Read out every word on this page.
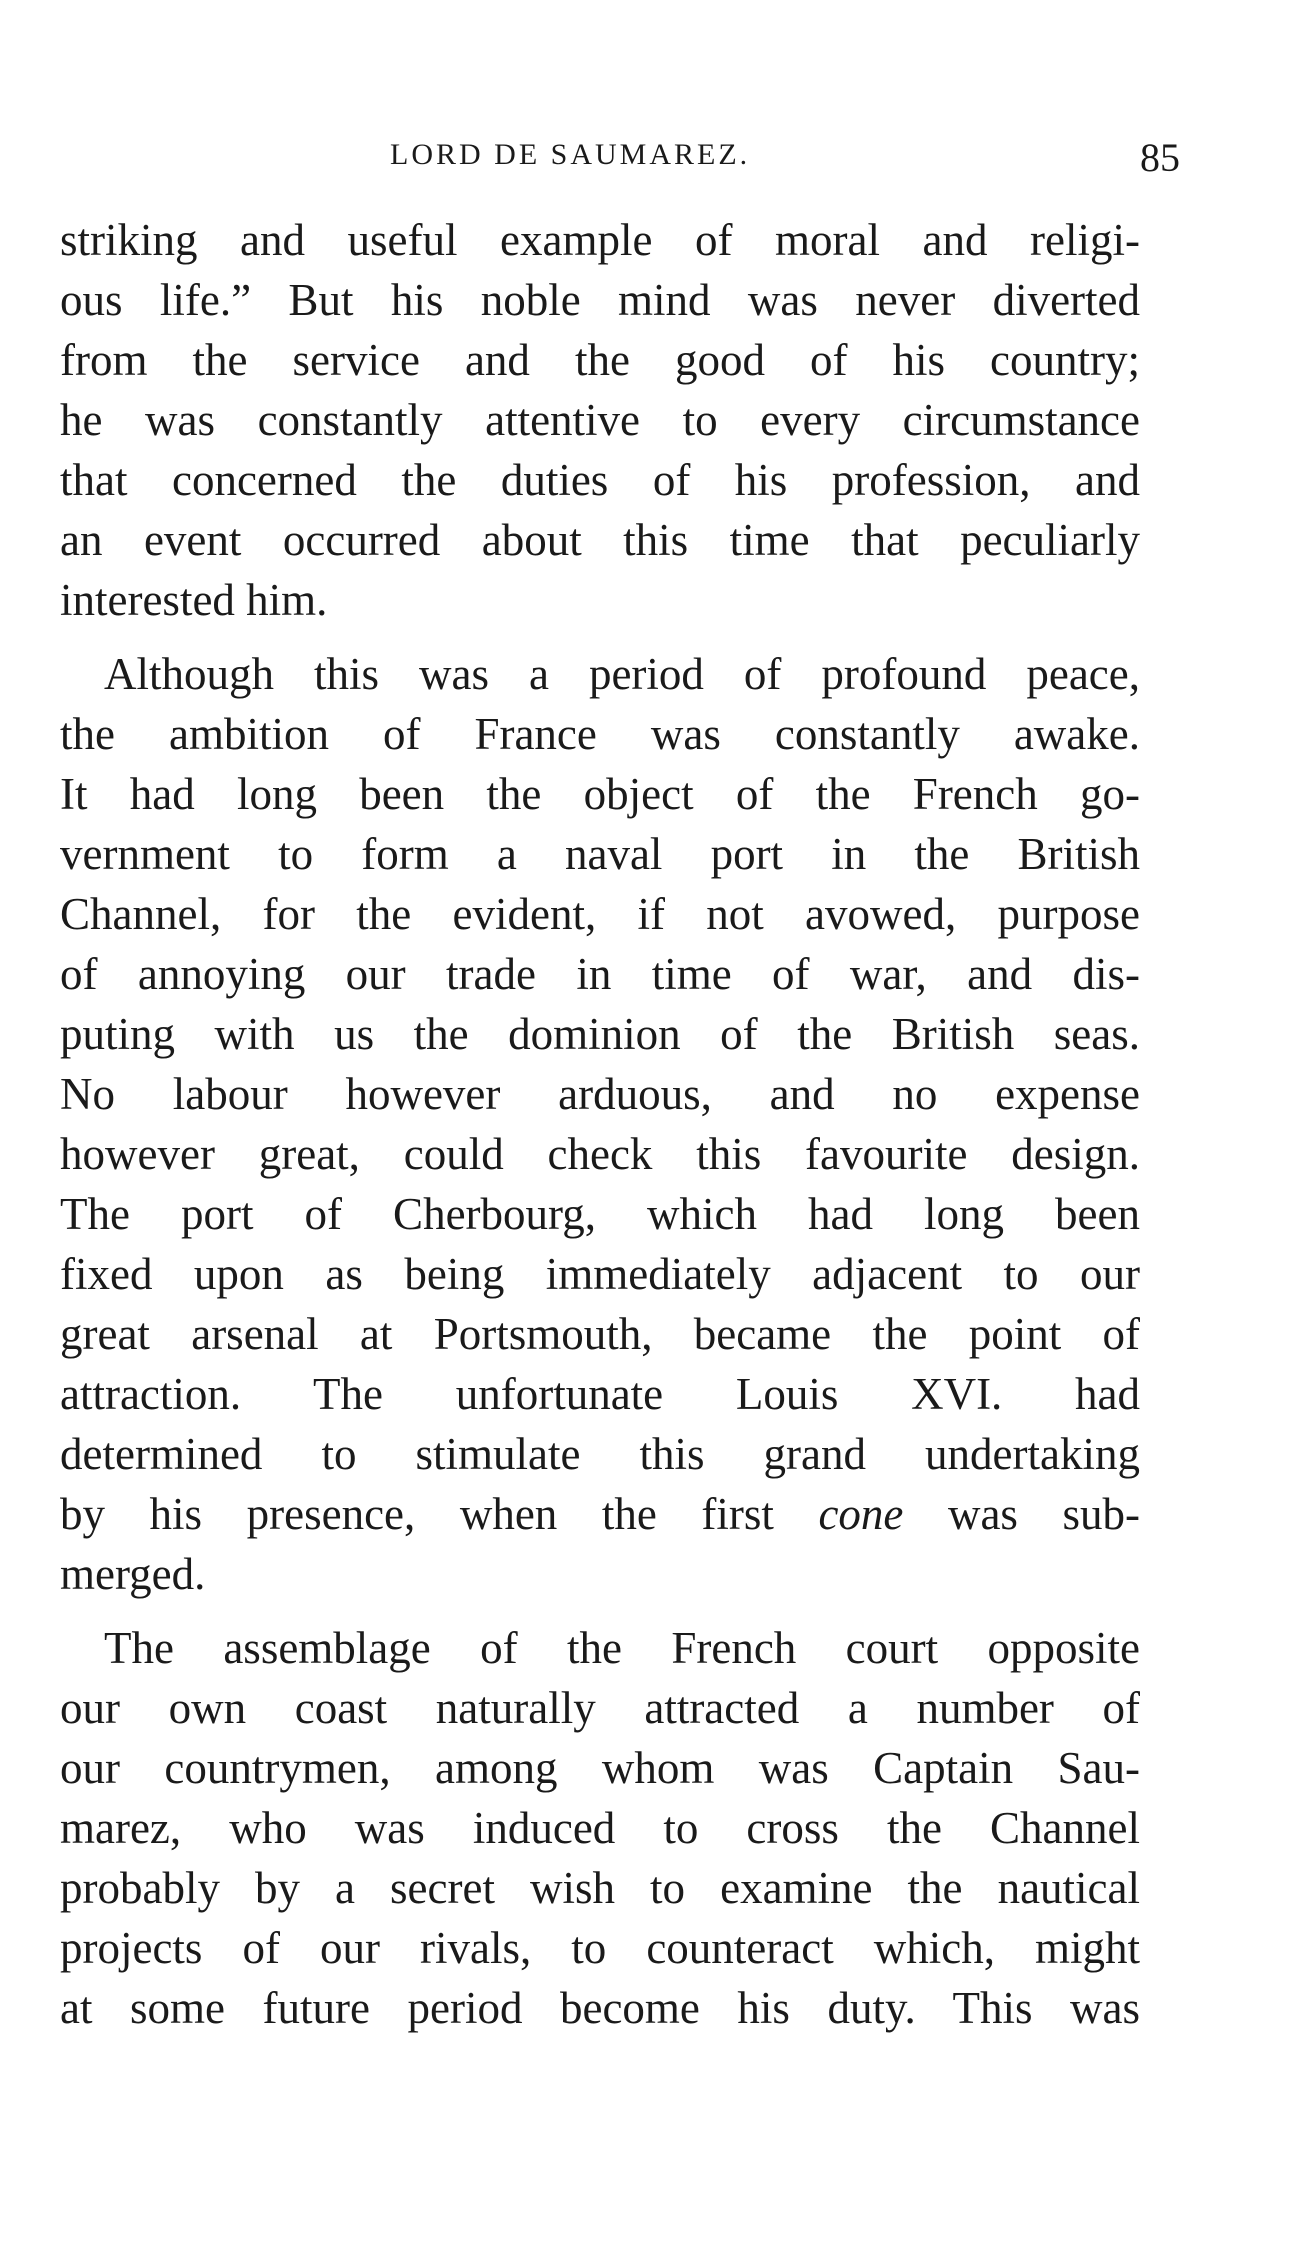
LORD DE SAUMAREZ.	85

striking and useful example of moral and religi-
ous life.” But his noble mind was never diverted
from the service and the good of his country;
he was constantly attentive to every circumstance
that concerned the duties of his profession, and
an event occurred about this time that peculiarly
interested him.

Although this was a period of profound peace,
the ambition of France was constantly awake.
It had long been the object of the French go-
vernment to form a naval port in the British
Channel, for the evident, if not avowed, purpose
of annoying our trade in time of war, and dis-
puting with us the dominion of the British seas.
No labour however arduous, and no expense
however great, could check this favourite design.
The port of Cherbourg, which had long been
fixed upon as being immediately adjacent to our
great arsenal at Portsmouth, became the point of
attraction. The unfortunate Louis XVI. had
determined to stimulate this grand undertaking
by his presence, when the first cone was sub-
merged.

The assemblage of the French court opposite
our own coast naturally attracted a number of
our countrymen, among whom was Captain Sau-
marez, who was induced to cross the Channel
probably by a secret wish to examine the nautical
projects of our rivals, to counteract which, might
at some future period become his duty. This was
